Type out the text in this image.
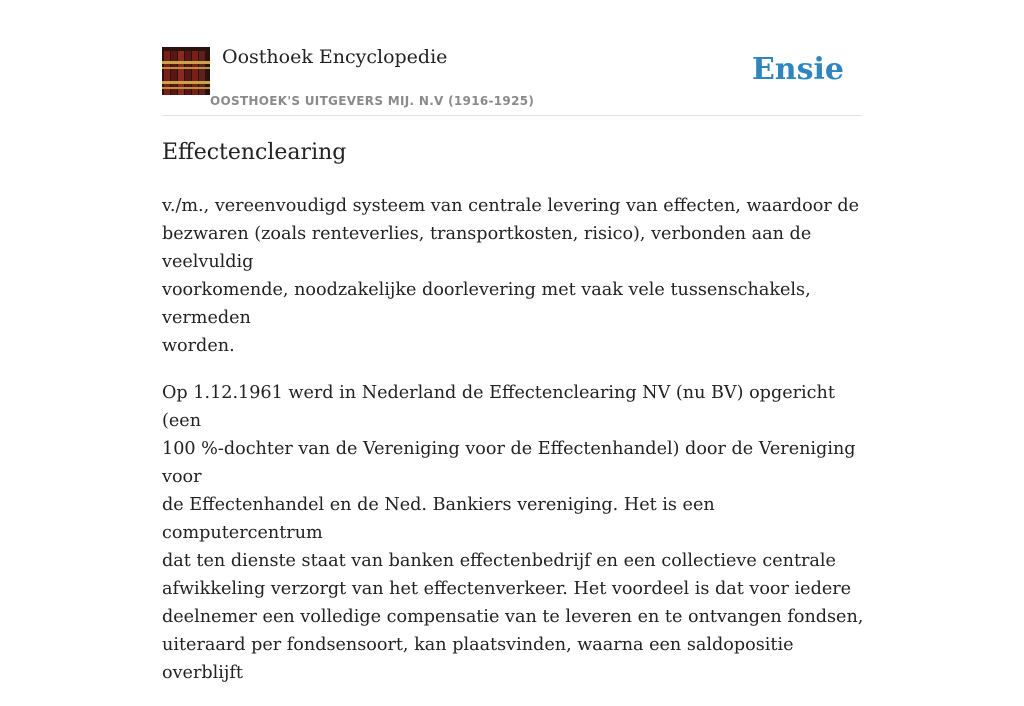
Oosthoek Encyclopedie
OOSTHOEK'S UITGEVERS MIJ. N.V (1916-1925)
Ensie
Effectenclearing

v./m., vereenvoudigd systeem van centrale levering van effecten, waardoor de
bezwaren (zoals renteverlies, transportkosten, risico), verbonden aan de veelvuldig
voorkomende, noodzakelijke doorlevering met vaak vele tussenschakels, vermeden
worden.

Op 1.12.1961 werd in Nederland de Effectenclearing NV (nu BV) opgericht (een
100 %-dochter van de Vereniging voor de Effectenhandel) door de Vereniging voor
de Effectenhandel en de Ned. Bankiers vereniging. Het is een computercentrum
dat ten dienste staat van banken effectenbedrijf en een collectieve centrale
afwikkeling verzorgt van het effectenverkeer. Het voordeel is dat voor iedere
deelnemer een volledige compensatie van te leveren en te ontvangen fondsen,
uiteraard per fondsensoort, kan plaatsvinden, waarna een saldopositie overblijft
